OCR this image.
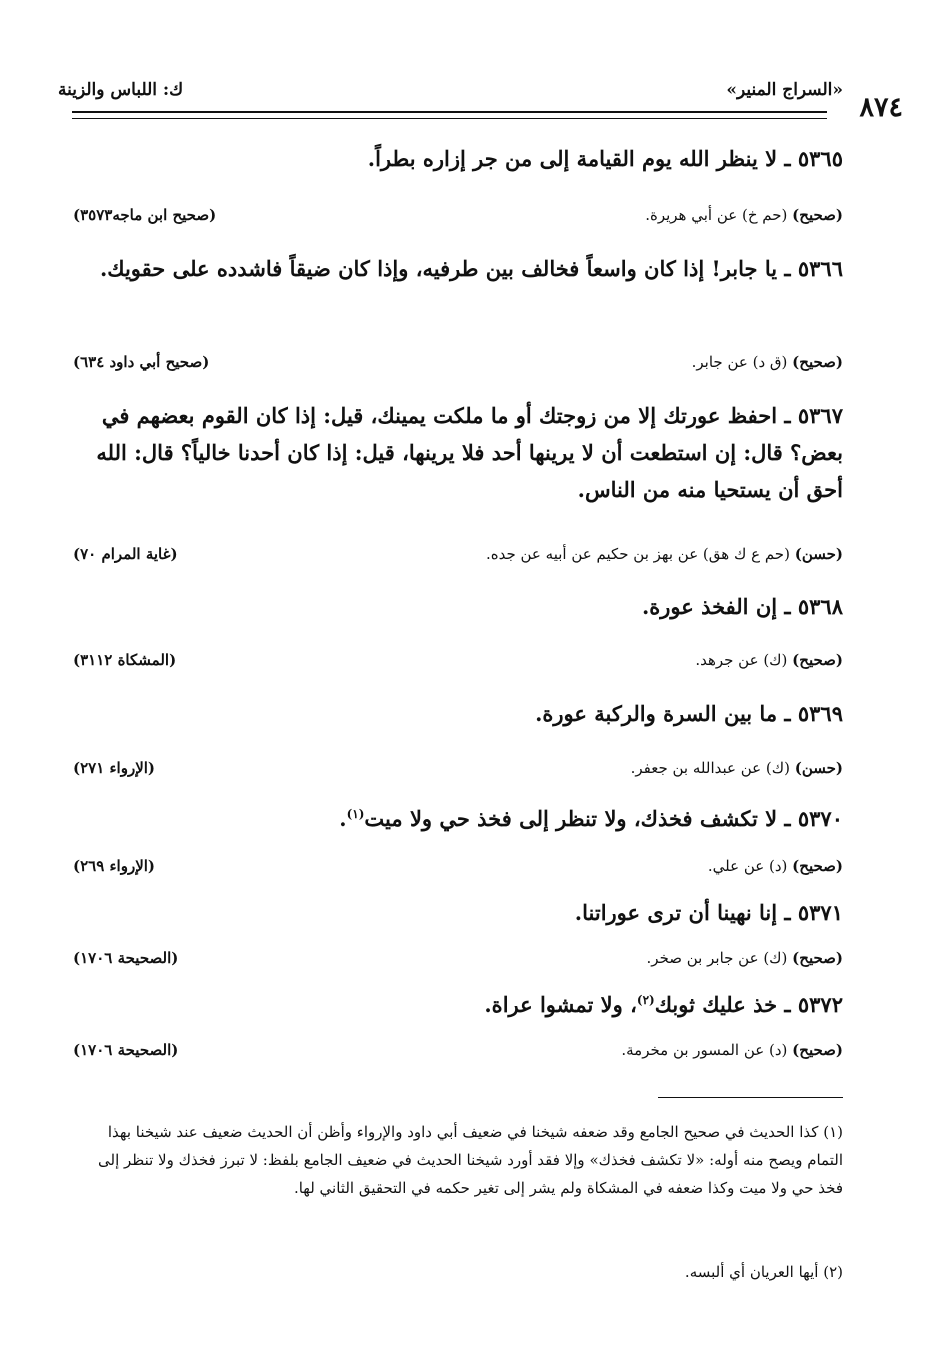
٨٧٤
«السراج المنير»
ك: اللباس والزينة
٥٣٦٥ ـ لا ينظر الله يوم القيامة إلى من جر إزاره بطراً.
(صحيح) (حم خ) عن أبي هريرة.
(صحيح ابن ماجه٣٥٧٣)
٥٣٦٦ ـ يا جابر! إذا كان واسعاً فخالف بين طرفيه، وإذا كان ضيقاً فاشدده على حقويك.
(صحيح) (ق د) عن جابر.
(صحيح أبي داود ٦٣٤)
٥٣٦٧ ـ احفظ عورتك إلا من زوجتك أو ما ملكت يمينك، قيل: إذا كان القوم بعضهم في بعض؟ قال: إن استطعت أن لا يرينها أحد فلا يرينها، قيل: إذا كان أحدنا خالياً؟ قال: الله أحق أن يستحيا منه من الناس.
(حسن) (حم ع ك هق) عن بهز بن حكيم عن أبيه عن جده.
(غاية المرام ٧٠)
٥٣٦٨ ـ إن الفخذ عورة.
(صحيح) (ك) عن جرهد.
(المشكاة ٣١١٢)
٥٣٦٩ ـ ما بين السرة والركبة عورة.
(حسن) (ك) عن عبدالله بن جعفر.
(الإرواء ٢٧١)
٥٣٧٠ ـ لا تكشف فخذك، ولا تنظر إلى فخذ حي ولا ميت$^{(١)}$.
(صحيح) (د) عن علي.
(الإرواء ٢٦٩)
٥٣٧١ ـ إنا نهينا أن ترى عوراتنا.
(صحيح) (ك) عن جابر بن صخر.
(الصحيحة ١٧٠٦)
٥٣٧٢ ـ خذ عليك ثوبك$^{(٢)}$، ولا تمشوا عراة.
(صحيح) (د) عن المسور بن مخرمة.
(الصحيحة ١٧٠٦)
(١) كذا الحديث في صحيح الجامع وقد ضعفه شيخنا في ضعيف أبي داود والإرواء وأظن أن الحديث ضعيف عند شيخنا بهذا التمام ويصح منه أوله: «لا تكشف فخذك» وإلا فقد أورد شيخنا الحديث في ضعيف الجامع بلفظ: لا تبرز فخذك ولا تنظر إلى فخذ حي ولا ميت وكذا ضعفه في المشكاة ولم يشر إلى تغير حكمه في التحقيق الثاني لها.
(٢) أيها العريان أي ألبسه.
